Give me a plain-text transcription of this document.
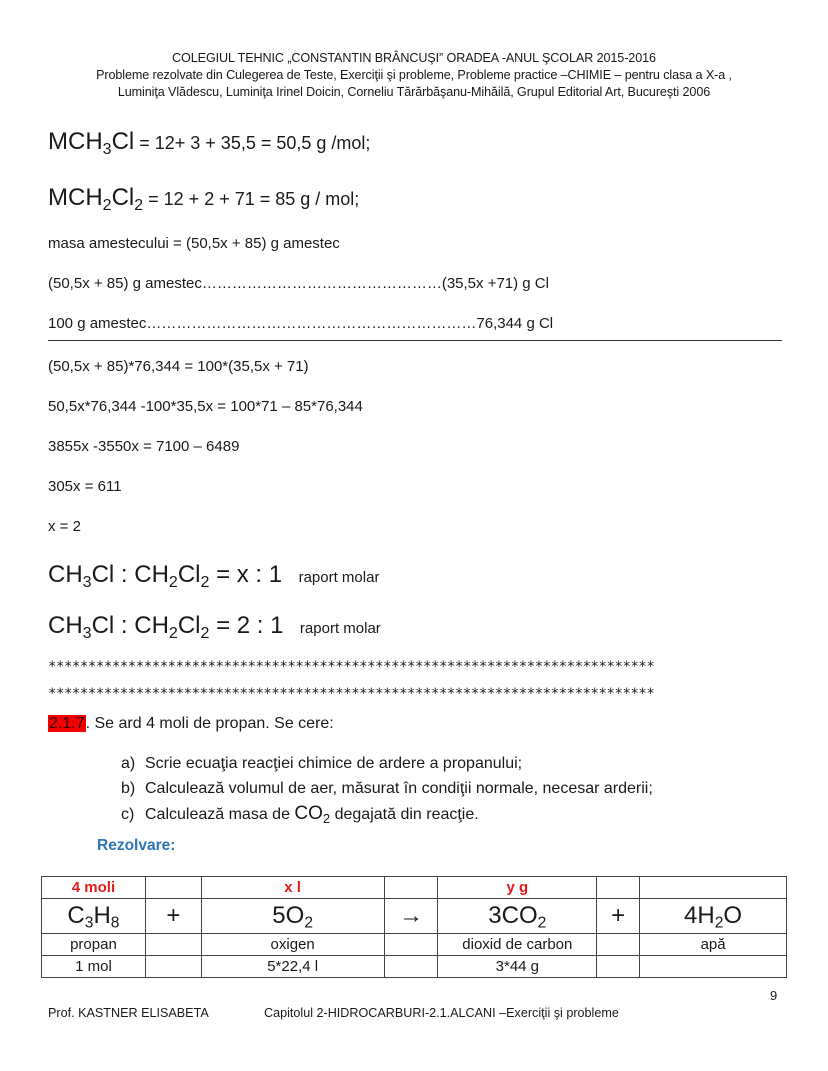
COLEGIUL TEHNIC „CONSTANTIN BRÂNCUŞI” ORADEA -ANUL ŞCOLAR 2015-2016
Probleme rezolvate din Culegerea de Teste, Exerciţii şi probleme, Probleme practice –CHIMIE – pentru clasa a X-a ,
Luminiţa Vlădescu, Luminiţa Irinel Doicin, Corneliu Tărărbăşanu-Mihăilă, Grupul Editorial Art, Bucureşti 2006
$MCH_3Cl = 12+ 3 + 35,5 = 50,5$ g /mol;
$MCH_2Cl_2 = 12 + 2 + 71 = 85$ g / mol;
masa amestecului = (50,5x + 85) g amestec
(50,5x + 85) g amestec…………………………………………(35,5x +71) g Cl
100 g amestec…………………………………………………………76,344 g Cl
(50,5x + 85)*76,344 = 100*(35,5x + 71)
50,5x*76,344 -100*35,5x = 100*71 – 85*76,344
3855x -3550x = 7100 – 6489
305x = 611
x = 2
$CH_3Cl$ : $CH_2Cl_2 = x$ : 1 raport molar
$CH_3Cl$ : $CH_2Cl_2 = 2$ : 1 raport molar
****************************************************************************
****************************************************************************
2.1.7. Se ard 4 moli de propan. Se cere:
a) Scrie ecuaţia reacţiei chimice de ardere a propanului;
b) Calculează volumul de aer, măsurat în condiţii normale, necesar arderii;
c) Calculează masa de $CO_2$ degajată din reacţie.
Rezolvare:
4 moli		x l		y g		
$C_3H_8$	+	$5O_2$	→	$3CO_2$	+	$4H_2O$
propan		oxigen		dioxid de carbon		apă
1 mol		5*22,4 l		3*44 g		
9
Prof. KASTNER ELISABETA	Capitolul 2-HIDROCARBURI-2.1.ALCANI –Exerciţii şi probleme
